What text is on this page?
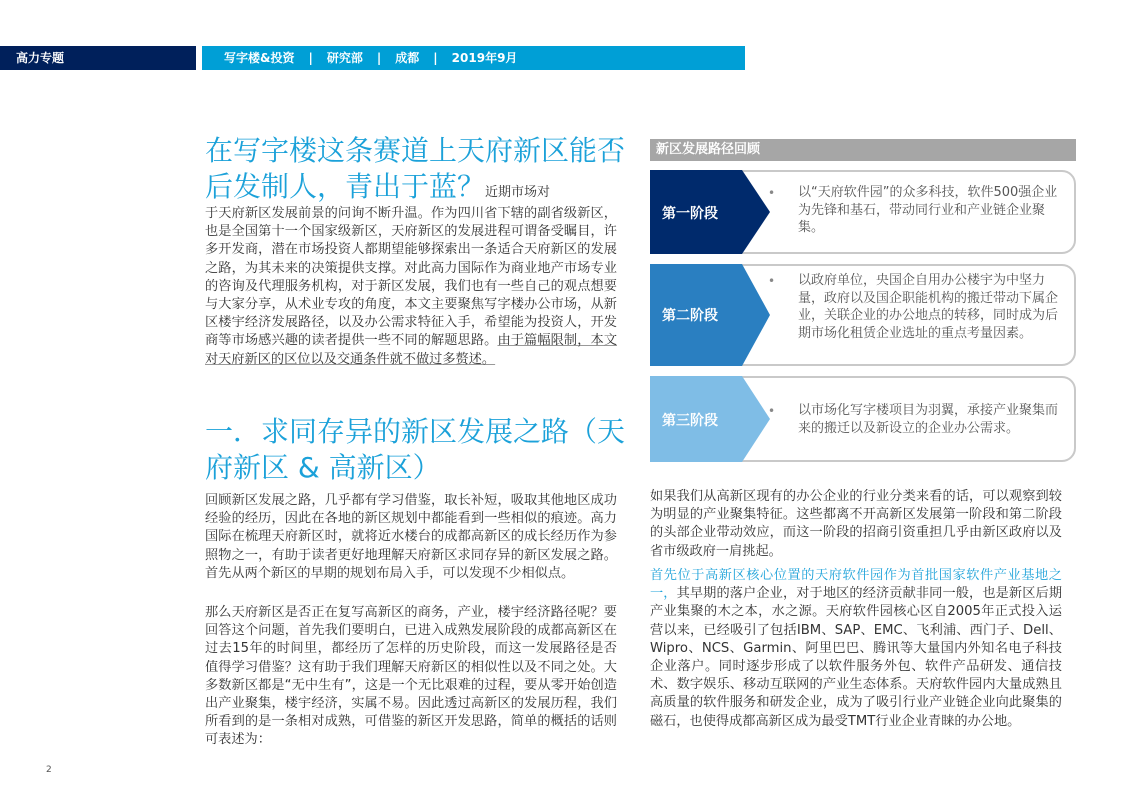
高力专题	写字楼&投资	|	研究部	|	成都	|	2019年9月
在写字楼这条赛道上天府新区能否后发制人，青出于蓝？近期市场对

于天府新区发展前景的问询不断升温。作为四川省下辖的副省级新区，也是全国第十一个国家级新区，天府新区的发展进程可谓备受瞩目，许多开发商，潜在市场投资人都期望能够探索出一条适合天府新区的发展之路，为其未来的决策提供支撑。对此高力国际作为商业地产市场专业的咨询及代理服务机构，对于新区发展，我们也有一些自己的观点想要与大家分享，从术业专攻的角度，本文主要聚焦写字楼办公市场，从新区楼宇经济发展路径，以及办公需求特征入手，希望能为投资人，开发商等市场感兴趣的读者提供一些不同的解题思路。由于篇幅限制，本文对天府新区的区位以及交通条件就不做过多赘述。

一．求同存异的新区发展之路（天府新区 & 高新区）

回顾新区发展之路，几乎都有学习借鉴，取长补短，吸取其他地区成功经验的经历，因此在各地的新区规划中都能看到一些相似的痕迹。高力国际在梳理天府新区时，就将近水楼台的成都高新区的成长经历作为参照物之一，有助于读者更好地理解天府新区求同存异的新区发展之路。首先从两个新区的早期的规划布局入手，可以发现不少相似点。

那么天府新区是否正在复写高新区的商务，产业，楼宇经济路径呢？要回答这个问题，首先我们要明白，已进入成熟发展阶段的成都高新区在过去15年的时间里，都经历了怎样的历史阶段，而这一发展路径是否值得学习借鉴？这有助于我们理解天府新区的相似性以及不同之处。大多数新区都是“无中生有”，这是一个无比艰难的过程，要从零开始创造出产业聚集，楼宇经济，实属不易。因此透过高新区的发展历程，我们所看到的是一条相对成熟，可借鉴的新区开发思路，简单的概括的话则可表述为：

新区发展路径回顾
第一阶段
• 以“天府软件园”的众多科技，软件500强企业为先锋和基石，带动同行业和产业链企业聚集。
第二阶段
• 以政府单位，央国企自用办公楼宇为中坚力量，政府以及国企职能机构的搬迁带动下属企业，关联企业的办公地点的转移，同时成为后期市场化租赁企业选址的重点考量因素。
第三阶段
• 以市场化写字楼项目为羽翼，承接产业聚集而来的搬迁以及新设立的企业办公需求。

如果我们从高新区现有的办公企业的行业分类来看的话，可以观察到较为明显的产业聚集特征。这些都离不开高新区发展第一阶段和第二阶段的头部企业带动效应，而这一阶段的招商引资重担几乎由新区政府以及省市级政府一肩挑起。

首先位于高新区核心位置的天府软件园作为首批国家软件产业基地之一，其早期的落户企业，对于地区的经济贡献非同一般，也是新区后期产业集聚的木之本，水之源。天府软件园核心区自2005年正式投入运营以来，已经吸引了包括IBM、SAP、EMC、飞利浦、西门子、Dell、Wipro、NCS、Garmin、阿里巴巴、腾讯等大量国内外知名电子科技企业落户。同时逐步形成了以软件服务外包、软件产品研发、通信技术、数字娱乐、移动互联网的产业生态体系。天府软件园内大量成熟且高质量的软件服务和研发企业，成为了吸引行业产业链企业向此聚集的磁石，也使得成都高新区成为最受TMT行业企业青睐的办公地。

2
